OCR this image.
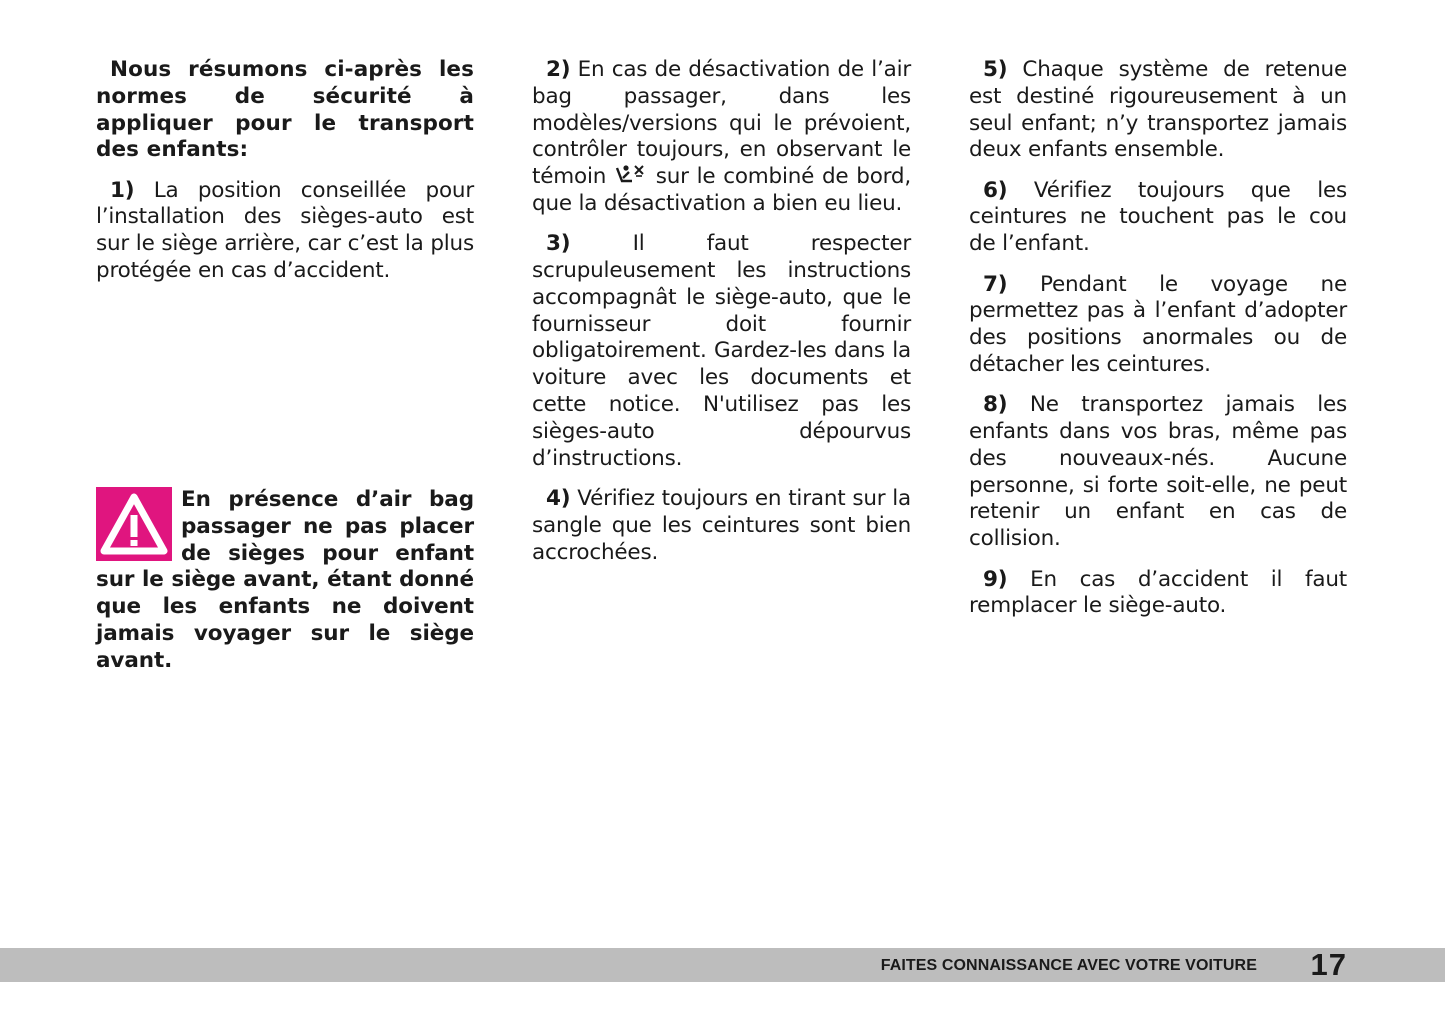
Nous résumons ci-après les normes de sécurité à appliquer pour le transport des enfants:

1) La position conseillée pour l’installation des sièges-auto est sur le siège arrière, car c’est la plus protégée en cas d’accident.

En présence d’air bag passager ne pas placer de sièges pour enfant sur le siège avant, étant donné que les enfants ne doivent jamais voyager sur le siège avant.

2) En cas de désactivation de l’air bag passager, dans les modèles/versions qui le prévoient, contrôler toujours, en observant le témoin sur le combiné de bord, que la désactivation a bien eu lieu.

3)	Il faut respecter scrupuleusement les instructions accompagnât le siège-auto, que le fournisseur doit fournir obligatoirement. Gardez-les dans la voiture avec les documents et cette notice. N'utilisez pas les sièges-auto dépourvus d’instructions.

4) Vérifiez toujours en tirant sur la sangle que les ceintures sont bien accrochées.

5) Chaque système de retenue est destiné rigoureusement à un seul enfant; n’y transportez jamais deux enfants ensemble.

6) Vérifiez toujours que les ceintures ne touchent pas le cou de l’enfant.

7) Pendant le voyage ne permettez pas à l’enfant d’adopter des positions anormales ou de détacher les ceintures.

8) Ne transportez jamais les enfants dans vos bras, même pas des nouveaux-nés. Aucune personne, si forte soit-elle, ne peut retenir un enfant en cas de collision.

9) En cas d’accident il faut remplacer le siège-auto.

FAITES CONNAISSANCE AVEC VOTRE VOITURE 17
